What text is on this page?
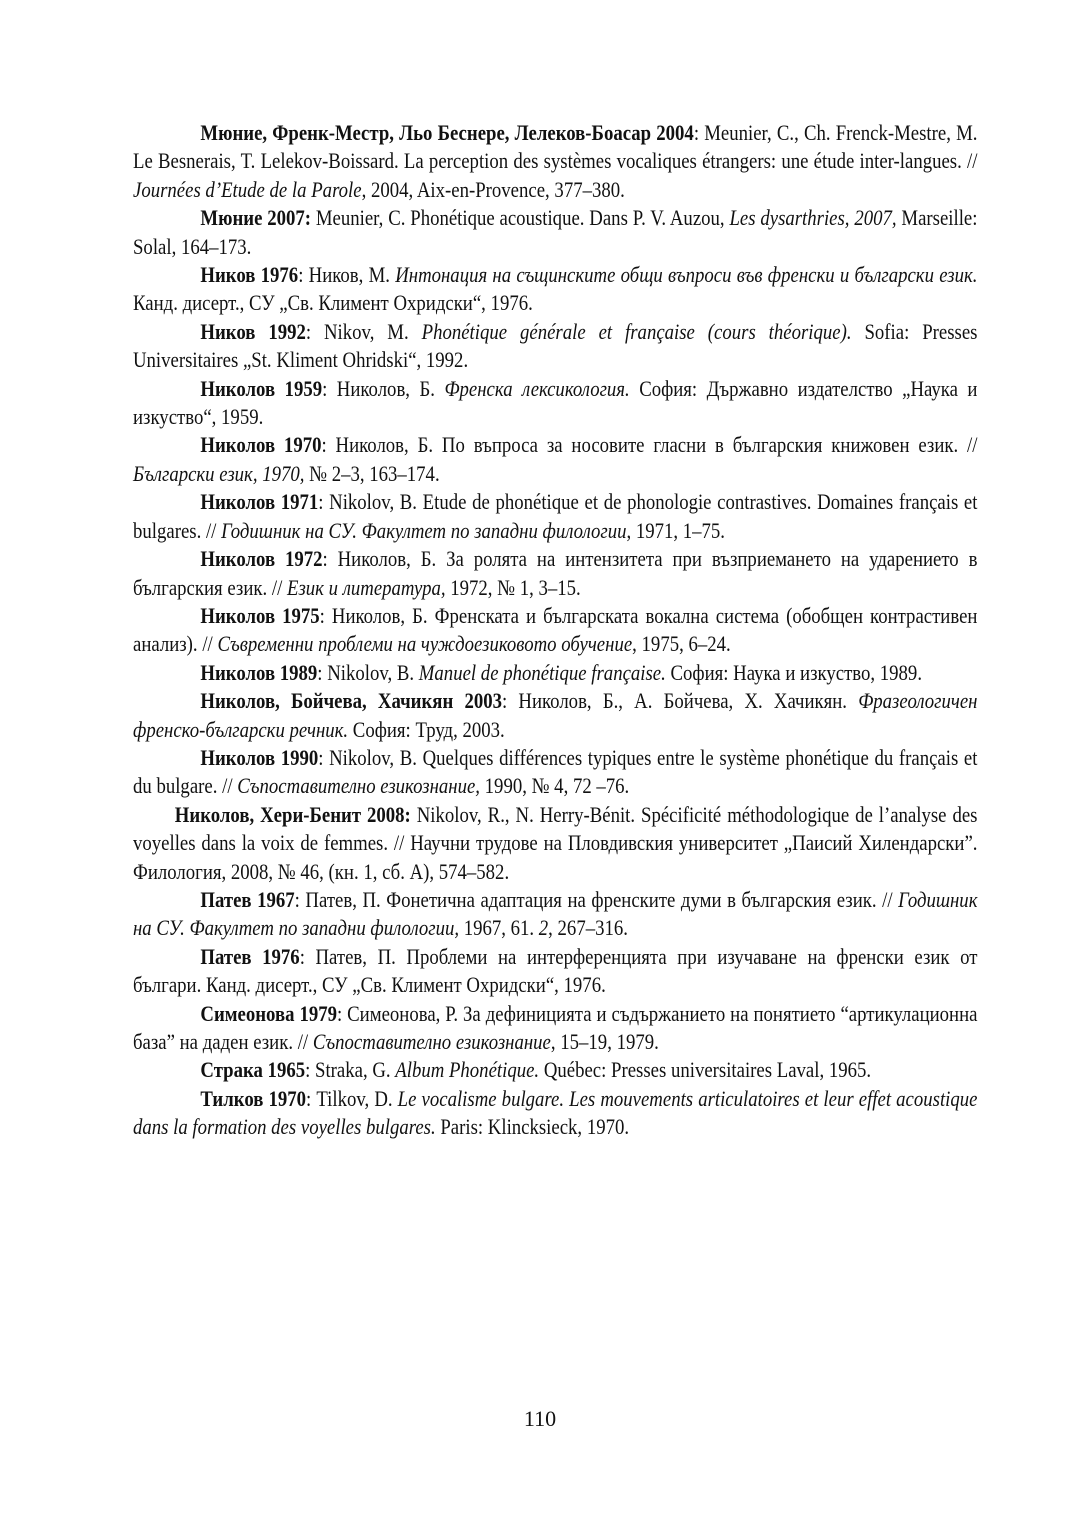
Мюние, Френк-Местр, Льо Беснере, Лелеков-Боасар 2004: Meunier, C., Ch. Frenck-Mestre, M. Le Besnerais, T. Lelekov-Boissard. La perception des systèmes vocaliques étrangers: une étude inter-langues. // Journées d’Etude de la Parole, 2004, Aix-en-Provence, 377–380.

Мюние 2007: Meunier, C. Phonétique acoustique. Dans P. V. Auzou, Les dysarthries, 2007, Marseille: Solal, 164–173.

Ников 1976: Ников, М. Интонация на същинските общи въпроси във френски и български език. Канд. дисерт., СУ „Св. Климент Охридски“, 1976.

Ников 1992: Nikov, M. Phonétique générale et française (cours théorique). Sofia: Presses Universitaires „St. Kliment Ohridski“, 1992.

Николов 1959: Николов, Б. Френска лексикология. София: Държавно издателство „Наука и изкуство“, 1959.

Николов 1970: Николов, Б. По въпроса за носовите гласни в българския книжовен език. // Български език, 1970, № 2–3, 163–174.

Николов 1971: Nikolov, B. Etude de phonétique et de phonologie contrastives. Domaines français et bulgares. // Годишник на СУ. Факултет по западни филологии, 1971, 1–75.

Николов 1972: Николов, Б. За ролята на интензитета при възприемането на ударението в българския език. // Език и литература, 1972, № 1, 3–15.

Николов 1975: Николов, Б. Френската и българската вокална система (обобщен контрастивен анализ). // Съвременни проблеми на чуждоезиковото обучение, 1975, 6–24.

Николов 1989: Nikolov, B. Manuel de phonétique française. София: Наука и изкуство, 1989.

Николов, Бойчева, Хачикян 2003: Николов, Б., А. Бойчева, Х. Хачикян. Фразеологичен френско-български речник. София: Труд, 2003.

Николов 1990: Nikolov, B. Quelques différences typiques entre le système phonétique du français et du bulgare. // Съпоставително езикознание, 1990, № 4, 72 –76.

Николов, Хери-Бенит 2008: Nikolov, R., N. Herry-Bénit. Spécificité méthodologique de l’analyse des voyelles dans la voix de femmes. // Научни трудове на Пловдивския университет „Паисий Хилендарски”. Филология, 2008, № 46, (кн. 1, сб. А), 574–582.

Патев 1967: Патев, П. Фонетична адаптация на френските думи в българския език. // Годишник на СУ. Факултет по западни филологии, 1967, 61. 2, 267–316.

Патев 1976: Патев, П. Проблеми на интерференцията при изучаване на френски език от българи. Канд. дисерт., СУ „Св. Климент Охридски“, 1976.

Симеонова 1979: Симеонова, Р. За дефиницията и съдържанието на понятието “артикулационна база” на даден език. // Съпоставително езикознание, 15–19, 1979.

Страка 1965: Straka, G. Album Phonétique. Québec: Presses universitaires Laval, 1965.

Тилков 1970: Tilkov, D. Le vocalisme bulgare. Les mouvements articulatoires et leur effet acoustique dans la formation des voyelles bulgares. Paris: Klincksieck, 1970.

110
